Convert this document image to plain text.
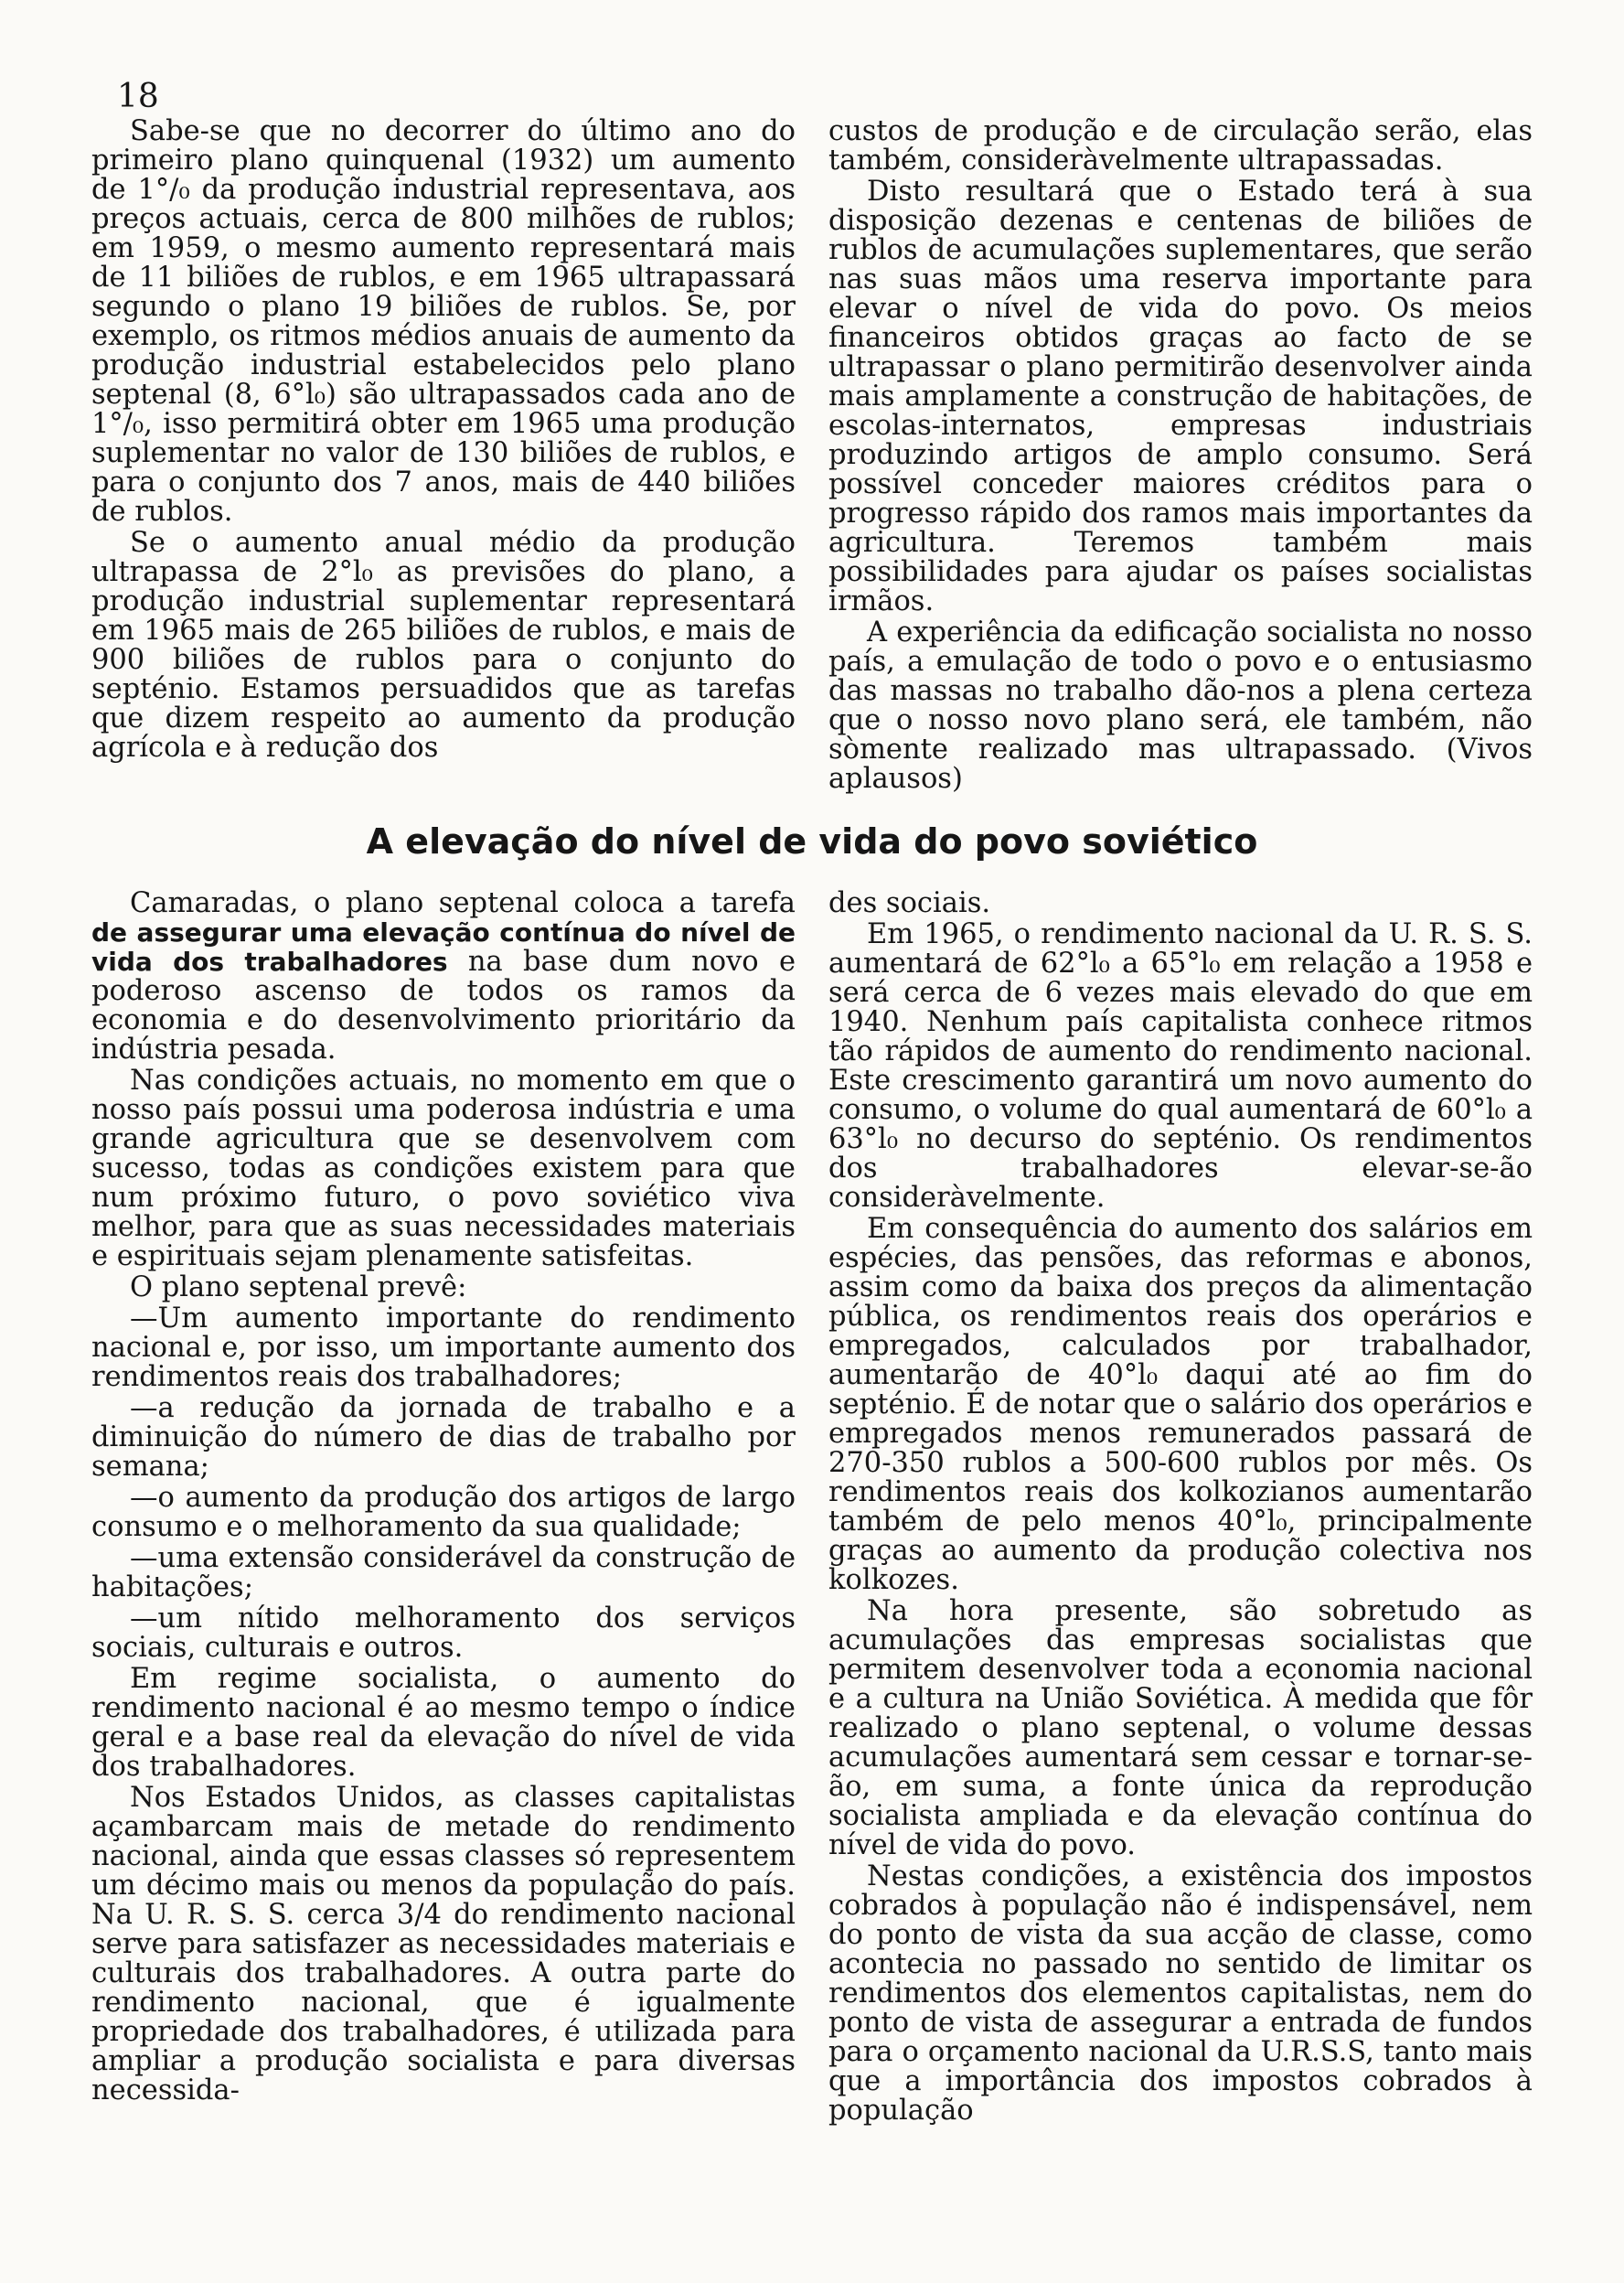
18

Sabe-se que no decorrer do último ano do primeiro plano quinquenal (1932) um aumento de 1°/₀ da produção industrial representava, aos preços actuais, cerca de 800 milhões de rublos; em 1959, o mesmo aumento representará mais de 11 biliões de rublos, e em 1965 ultrapassará segundo o plano 19 biliões de rublos. Se, por exemplo, os ritmos médios anuais de aumento da produção industrial estabelecidos pelo plano septenal (8, 6°l₀) são ultrapassados cada ano de 1°/₀, isso permitirá obter em 1965 uma produção suplementar no valor de 130 biliões de rublos, e para o conjunto dos 7 anos, mais de 440 biliões de rublos.

Se o aumento anual médio da produção ultrapassa de 2°l₀ as previsões do plano, a produção industrial suplementar representará em 1965 mais de 265 biliões de rublos, e mais de 900 biliões de rublos para o conjunto do septénio. Estamos persuadidos que as tarefas que dizem respeito ao aumento da produção agrícola e à redução dos

custos de produção e de circulação serão, elas também, consideràvelmente ultrapassadas.

Disto resultará que o Estado terá à sua disposição dezenas e centenas de biliões de rublos de acumulações suplementares, que serão nas suas mãos uma reserva importante para elevar o nível de vida do povo. Os meios financeiros obtidos graças ao facto de se ultrapassar o plano permitirão desenvolver ainda mais amplamente a construção de habitações, de escolas-internatos, empresas industriais produzindo artigos de amplo consumo. Será possível conceder maiores créditos para o progresso rápido dos ramos mais importantes da agricultura. Teremos também mais possibilidades para ajudar os países socialistas irmãos.

A experiência da edificação socialista no nosso país, a emulação de todo o povo e o entusiasmo das massas no trabalho dão-nos a plena certeza que o nosso novo plano será, ele também, não sòmente realizado mas ultrapassado. (Vivos aplausos)

A elevação do nível de vida do povo soviético

Camaradas, o plano septenal coloca a tarefa de assegurar uma elevação contínua do nível de vida dos trabalhadores na base dum novo e poderoso ascenso de todos os ramos da economia e do desenvolvimento prioritário da indústria pesada.

Nas condições actuais, no momento em que o nosso país possui uma poderosa indústria e uma grande agricultura que se desenvolvem com sucesso, todas as condições existem para que num próximo futuro, o povo soviético viva melhor, para que as suas necessidades materiais e espirituais sejam plenamente satisfeitas.

O plano septenal prevê:

—Um aumento importante do rendimento nacional e, por isso, um importante aumento dos rendimentos reais dos trabalhadores;

—a redução da jornada de trabalho e a diminuição do número de dias de trabalho por semana;

—o aumento da produção dos artigos de largo consumo e o melhoramento da sua qualidade;

—uma extensão considerável da construção de habitações;

—um nítido melhoramento dos serviços sociais, culturais e outros.

Em regime socialista, o aumento do rendimento nacional é ao mesmo tempo o índice geral e a base real da elevação do nível de vida dos trabalhadores.

Nos Estados Unidos, as classes capitalistas açambarcam mais de metade do rendimento nacional, ainda que essas classes só representem um décimo mais ou menos da população do país. Na U. R. S. S. cerca 3/4 do rendimento nacional serve para satisfazer as necessidades materiais e culturais dos trabalhadores. A outra parte do rendimento nacional, que é igualmente propriedade dos trabalhadores, é utilizada para ampliar a produção socialista e para diversas necessida-

des sociais.

Em 1965, o rendimento nacional da U. R. S. S. aumentará de 62°l₀ a 65°l₀ em relação a 1958 e será cerca de 6 vezes mais elevado do que em 1940. Nenhum país capitalista conhece ritmos tão rápidos de aumento do rendimento nacional. Este crescimento garantirá um novo aumento do consumo, o volume do qual aumentará de 60°l₀ a 63°l₀ no decurso do septénio. Os rendimentos dos trabalhadores elevar-se-ão consideràvelmente.

Em consequência do aumento dos salários em espécies, das pensões, das reformas e abonos, assim como da baixa dos preços da alimentação pública, os rendimentos reais dos operários e empregados, calculados por trabalhador, aumentarão de 40°l₀ daqui até ao fim do septénio. É de notar que o salário dos operários e empregados menos remunerados passará de 270-350 rublos a 500-600 rublos por mês. Os rendimentos reais dos kolkozianos aumentarão também de pelo menos 40°l₀, principalmente graças ao aumento da produção colectiva nos kolkozes.

Na hora presente, são sobretudo as acumulações das empresas socialistas que permitem desenvolver toda a economia nacional e a cultura na União Soviética. À medida que fôr realizado o plano septenal, o volume dessas acumulações aumentará sem cessar e tornar-se-ão, em suma, a fonte única da reprodução socialista ampliada e da elevação contínua do nível de vida do povo.

Nestas condições, a existência dos impostos cobrados à população não é indispensável, nem do ponto de vista da sua acção de classe, como acontecia no passado no sentido de limitar os rendimentos dos elementos capitalistas, nem do ponto de vista de assegurar a entrada de fundos para o orçamento nacional da U.R.S.S, tanto mais que a importância dos impostos cobrados à população
